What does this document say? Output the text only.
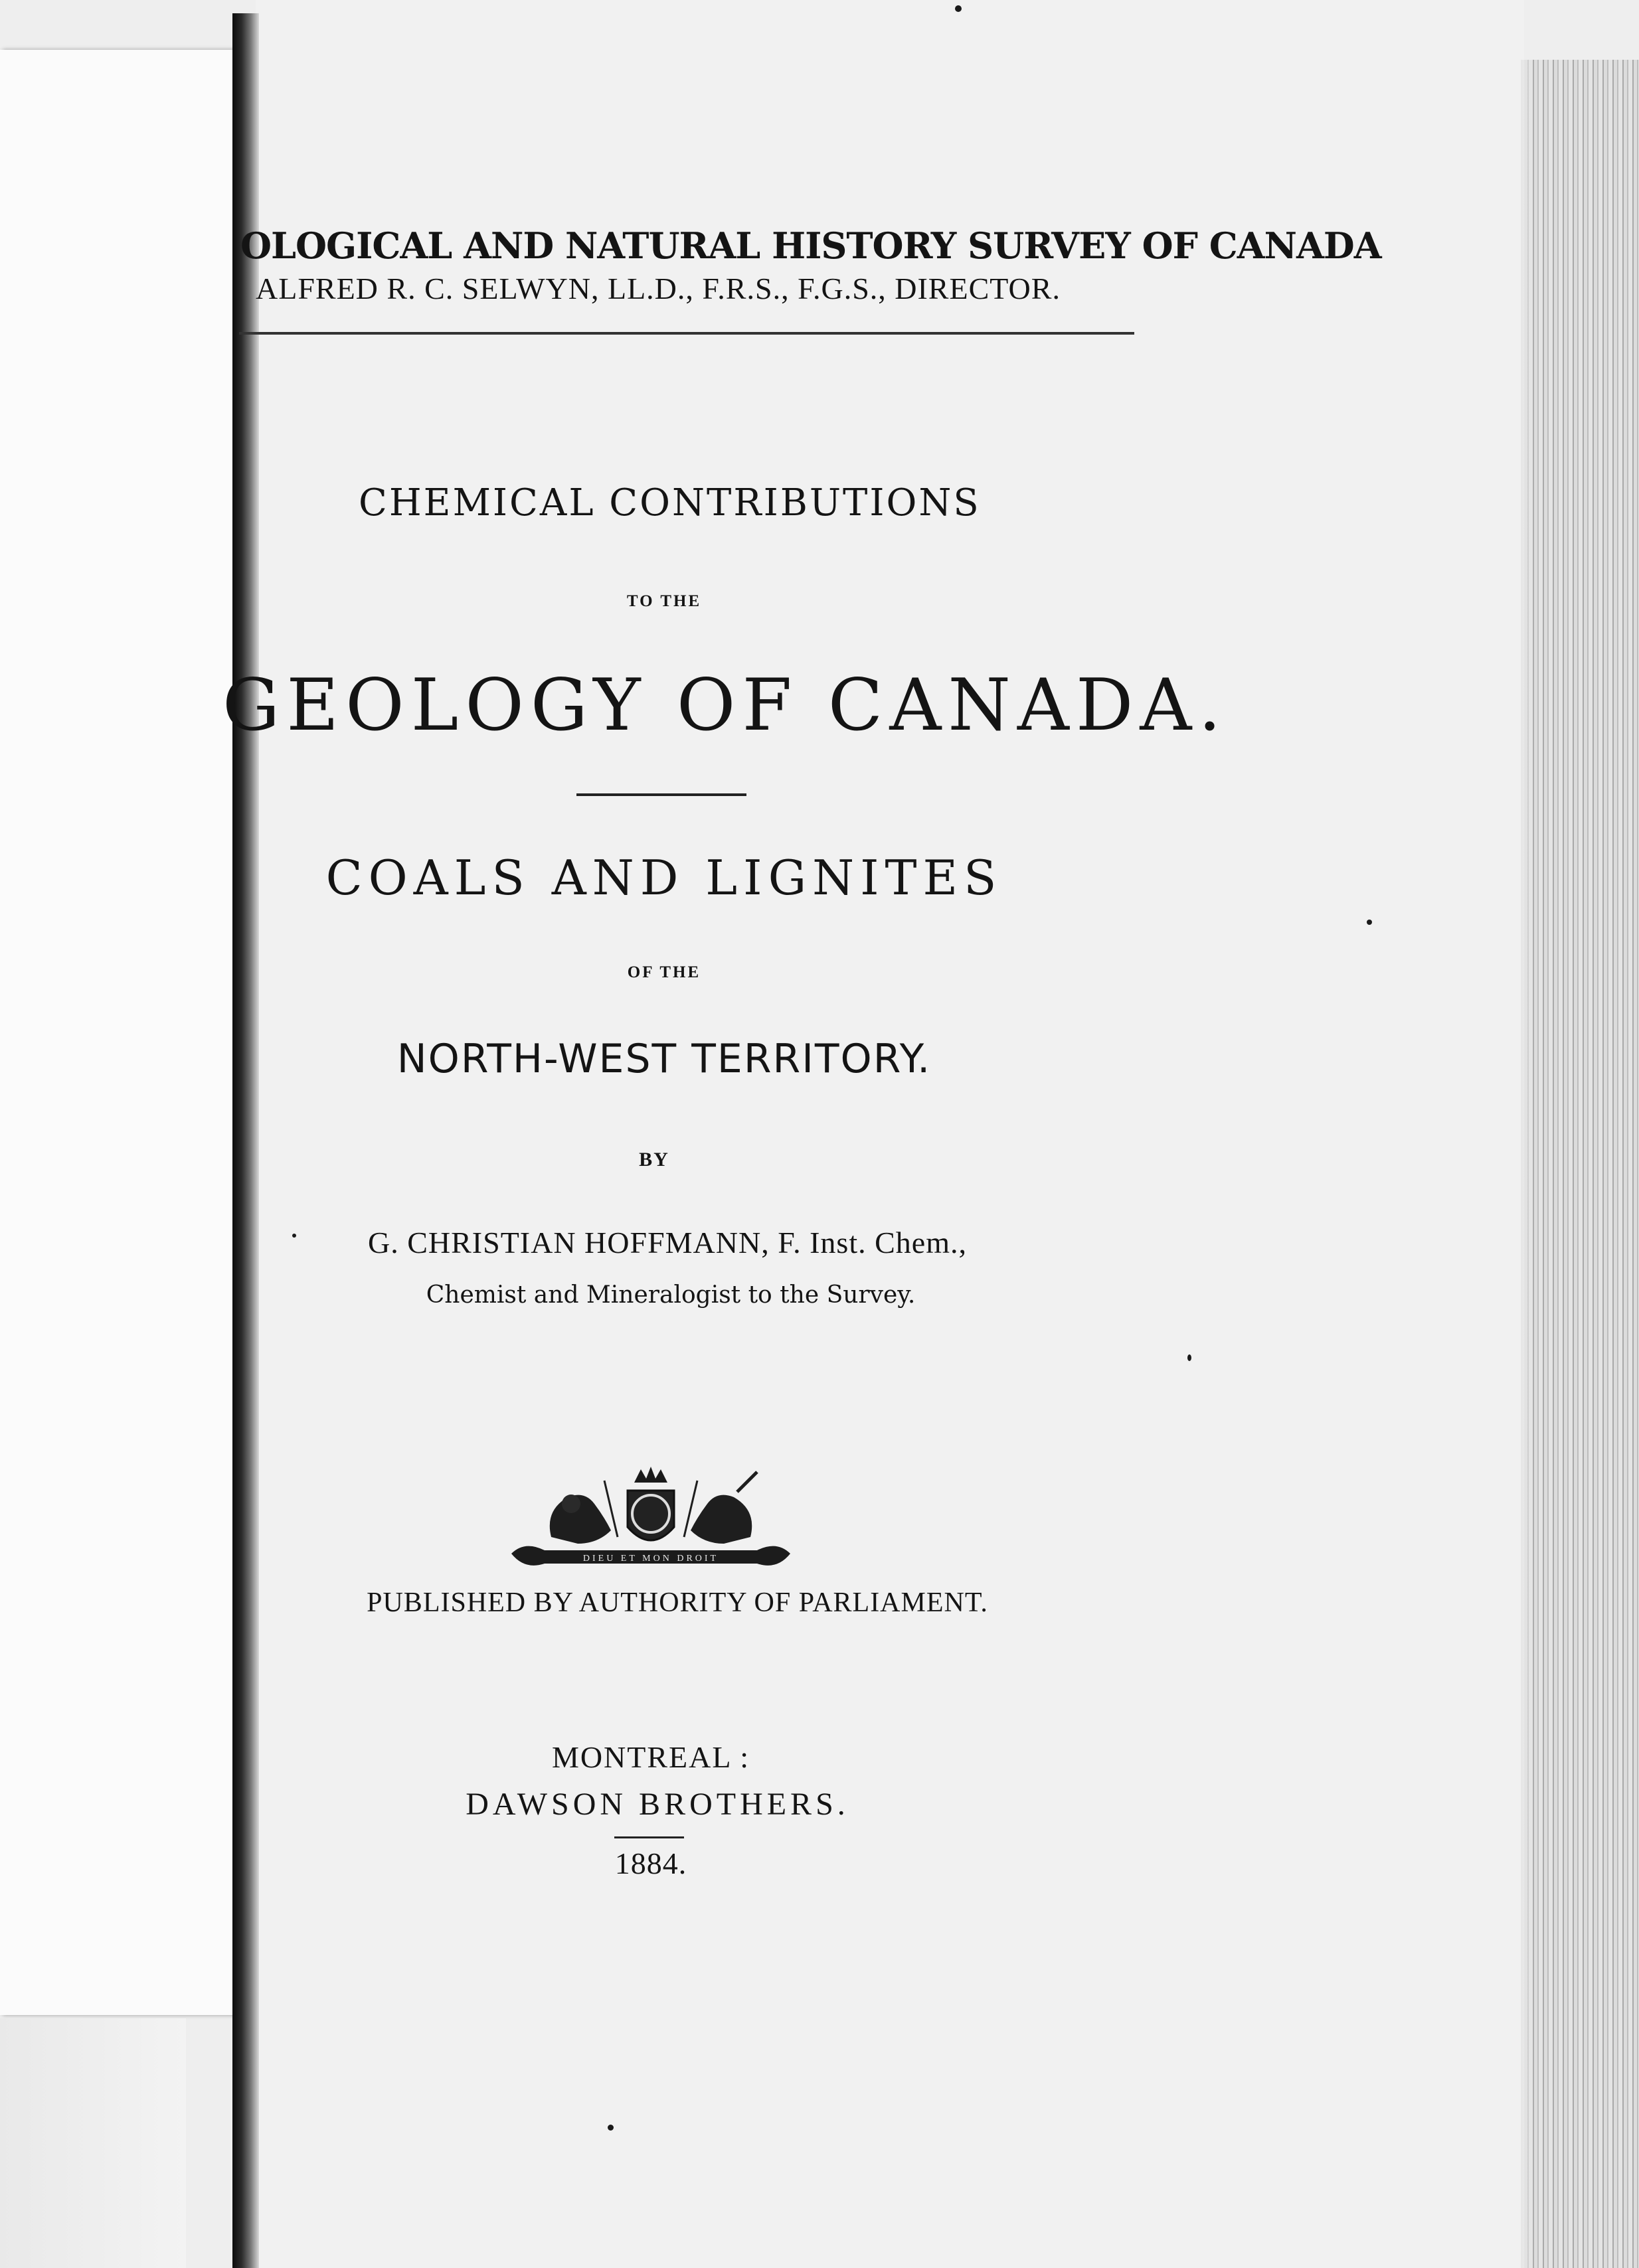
OLOGICAL AND NATURAL HISTORY SURVEY OF CANADA

ALFRED R. C. SELWYN, LL.D., F.R.S., F.G.S., DIRECTOR.

CHEMICAL CONTRIBUTIONS

TO THE

GEOLOGY OF CANADA.

COALS AND LIGNITES

OF THE

NORTH-WEST TERRITORY.

BY

G. CHRISTIAN HOFFMANN, F. Inst. Chem.,

Chemist and Mineralogist to the Survey.

DIEU ET MON DROIT

PUBLISHED BY AUTHORITY OF PARLIAMENT.

MONTREAL :

DAWSON BROTHERS.

1884.
